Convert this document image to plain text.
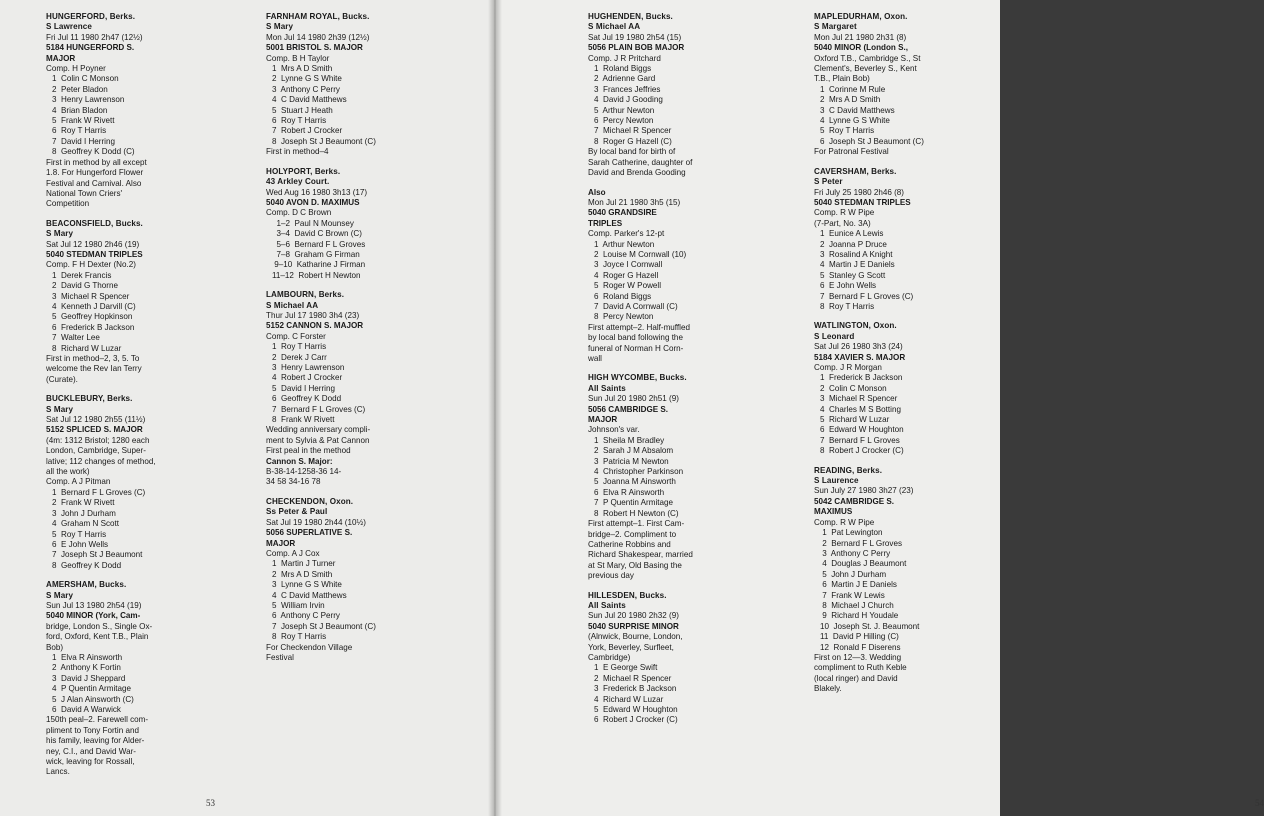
53	54
HUNGERFORD, Berks.
S Lawrence
Fri Jul 11 1980 2h47 (12½)
5184 HUNGERFORD S.
MAJOR
Comp. H Poyner
1  Colin C Monson
2  Peter Bladon
3  Henry Lawrenson
4  Brian Bladon
5  Frank W Rivett
6  Roy T Harris
7  David I Herring
8  Geoffrey K Dodd (C)
First in method by all except
1.8. For Hungerford Flower
Festival and Carnival. Also
National Town Criers'
Competition
BEACONSFIELD, Bucks.
S Mary
Sat Jul 12 1980 2h46 (19)
5040 STEDMAN TRIPLES
Comp. F H Dexter (No.2)
1  Derek Francis
2  David G Thorne
3  Michael R Spencer
4  Kenneth J Darvill (C)
5  Geoffrey Hopkinson
6  Frederick B Jackson
7  Walter Lee
8  Richard W Luzar
First in method–2, 3, 5. To
welcome the Rev Ian Terry
(Curate).
BUCKLEBURY, Berks.
S Mary
Sat Jul 12 1980 2h55 (11½)
5152 SPLICED S. MAJOR
(4m: 1312 Bristol; 1280 each
London, Cambridge, Super-
lative; 112 changes of method,
all the work)
Comp. A J Pitman
1  Bernard F L Groves (C)
2  Frank W Rivett
3  John J Durham
4  Graham N Scott
5  Roy T Harris
6  E John Wells
7  Joseph St J Beaumont
8  Geoffrey K Dodd
AMERSHAM, Bucks.
S Mary
Sun Jul 13 1980 2h54 (19)
5040 MINOR (York, Cam-
bridge, London S., Single Ox-
ford, Oxford, Kent T.B., Plain
Bob)
1  Elva R Ainsworth
2  Anthony K Fortin
3  David J Sheppard
4  P Quentin Armitage
5  J Alan Ainsworth (C)
6  David A Warwick
150th peal–2. Farewell com-
pliment to Tony Fortin and
his family, leaving for Alder-
ney, C.I., and David War-
wick, leaving for Rossall,
Lancs.
FARNHAM ROYAL, Bucks.
S Mary
Mon Jul 14 1980 2h39 (12½)
5001 BRISTOL S. MAJOR
Comp. B H Taylor
1  Mrs A D Smith
2  Lynne G S White
3  Anthony C Perry
4  C David Matthews
5  Stuart J Heath
6  Roy T Harris
7  Robert J Crocker
8  Joseph St J Beaumont (C)
First in method–4
HOLYPORT, Berks.
43 Arkley Court.
Wed Aug 16 1980 3h13 (17)
5040 AVON D. MAXIMUS
Comp. D C Brown
1–2  Paul N Mounsey
3–4  David C Brown (C)
5–6  Bernard F L Groves
7–8  Graham G Firman
9–10  Katharine J Firman
11–12  Robert H Newton
LAMBOURN, Berks.
S Michael AA
Thur Jul 17 1980 3h4 (23)
5152 CANNON S. MAJOR
Comp. C Forster
1  Roy T Harris
2  Derek J Carr
3  Henry Lawrenson
4  Robert J Crocker
5  David I Herring
6  Geoffrey K Dodd
7  Bernard F L Groves (C)
8  Frank W Rivett
Wedding anniversary compli-
ment to Sylvia & Pat Cannon
First peal in the method
Cannon S. Major:
B-38-14-1258-36 14-
34 58 34-16 78
CHECKENDON, Oxon.
Ss Peter & Paul
Sat Jul 19 1980 2h44 (10½)
5056 SUPERLATIVE S.
MAJOR
Comp. A J Cox
1  Martin J Turner
2  Mrs A D Smith
3  Lynne G S White
4  C David Matthews
5  William Irvin
6  Anthony C Perry
7  Joseph St J Beaumont (C)
8  Roy T Harris
For Checkendon Village
Festival
HUGHENDEN, Bucks.
S Michael AA
Sat Jul 19 1980 2h54 (15)
5056 PLAIN BOB MAJOR
Comp. J R Pritchard
1  Roland Biggs
2  Adrienne Gard
3  Frances Jeffries
4  David J Gooding
5  Arthur Newton
6  Percy Newton
7  Michael R Spencer
8  Roger G Hazell (C)
By local band for birth of
Sarah Catherine, daughter of
David and Brenda Gooding
Also
Mon Jul 21 1980 3h5 (15)
5040 GRANDSIRE
TRIPLES
Comp. Parker's 12-pt
1  Arthur Newton
2  Louise M Cornwall (10)
3  Joyce I Cornwall
4  Roger G Hazell
5  Roger W Powell
6  Roland Biggs
7  David A Cornwall (C)
8  Percy Newton
First attempt–2. Half-muffled
by local band following the
funeral of Norman H Corn-
wall
HIGH WYCOMBE, Bucks.
All Saints
Sun Jul 20 1980 2h51 (9)
5056 CAMBRIDGE S.
MAJOR
Johnson's var.
1  Sheila M Bradley
2  Sarah J M Absalom
3  Patricia M Newton
4  Christopher Parkinson
5  Joanna M Ainsworth
6  Elva R Ainsworth
7  P Quentin Armitage
8  Robert H Newton (C)
First attempt–1. First Cam-
bridge–2. Compliment to
Catherine Robbins and
Richard Shakespear, married
at St Mary, Old Basing the
previous day
HILLESDEN, Bucks.
All Saints
Sun Jul 20 1980 2h32 (9)
5040 SURPRISE MINOR
(Alnwick, Bourne, London,
York, Beverley, Surfleet,
Cambridge)
1  E George Swift
2  Michael R Spencer
3  Frederick B Jackson
4  Richard W Luzar
5  Edward W Houghton
6  Robert J Crocker (C)
MAPLEDURHAM, Oxon.
S Margaret
Mon Jul 21 1980 2h31 (8)
5040 MINOR (London S.,
Oxford T.B., Cambridge S., St
Clement's, Beverley S., Kent
T.B., Plain Bob)
1  Corinne M Rule
2  Mrs A D Smith
3  C David Matthews
4  Lynne G S White
5  Roy T Harris
6  Joseph St J Beaumont (C)
For Patronal Festival
CAVERSHAM, Berks.
S Peter
Fri July 25 1980 2h46 (8)
5040 STEDMAN TRIPLES
Comp. R W Pipe
(7-Part, No. 3A)
1  Eunice A Lewis
2  Joanna P Druce
3  Rosalind A Knight
4  Martin J E Daniels
5  Stanley G Scott
6  E John Wells
7  Bernard F L Groves (C)
8  Roy T Harris
WATLINGTON, Oxon.
S Leonard
Sat Jul 26 1980 3h3 (24)
5184 XAVIER S. MAJOR
Comp. J R Morgan
1  Frederick B Jackson
2  Colin C Monson
3  Michael R Spencer
4  Charles M S Botting
5  Richard W Luzar
6  Edward W Houghton
7  Bernard F L Groves
8  Robert J Crocker (C)
READING, Berks.
S Laurence
Sun July 27 1980 3h27 (23)
5042 CAMBRIDGE S.
MAXIMUS
Comp. R W Pipe
1  Pat Lewington
2  Bernard F L Groves
3  Anthony C Perry
4  Douglas J Beaumont
5  John J Durham
6  Martin J E Daniels
7  Frank W Lewis
8  Michael J Church
9  Richard H Youdale
10  Joseph St. J. Beaumont
11  David P Hilling (C)
12  Ronald F Diserens
First on 12—3. Wedding
compliment to Ruth Keble
(local ringer) and David
Blakely.
